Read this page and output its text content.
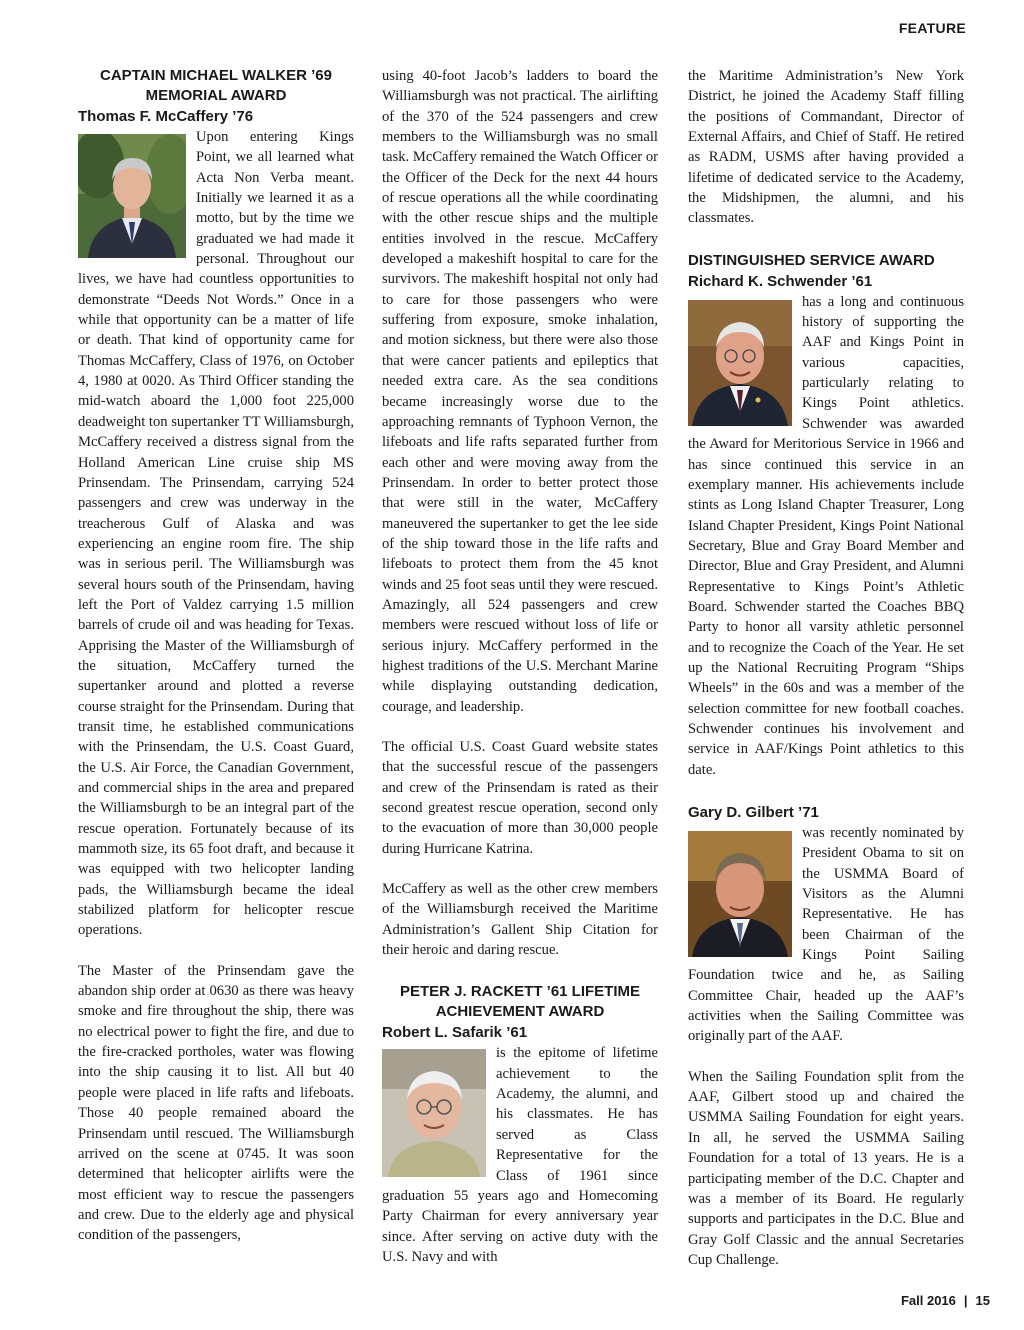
FEATURE
CAPTAIN MICHAEL WALKER ’69
MEMORIAL AWARD
Thomas F. McCaffery ’76

Upon entering Kings Point, we all learned what Acta Non Verba meant. Initially we learned it as a motto, but by the time we graduated we had made it personal. Throughout our lives, we have had countless opportunities to demonstrate “Deeds Not Words.” Once in a while that opportunity can be a matter of life or death. That kind of opportunity came for Thomas McCaffery, Class of 1976, on October 4, 1980 at 0020. As Third Officer standing the mid-watch aboard the 1,000 foot 225,000 deadweight ton supertanker TT Williamsburgh, McCaffery received a distress signal from the Holland American Line cruise ship MS Prinsendam. The Prinsendam, carrying 524 passengers and crew was underway in the treacherous Gulf of Alaska and was experiencing an engine room fire. The ship was in serious peril. The Williamsburgh was several hours south of the Prinsendam, having left the Port of Valdez carrying 1.5 million barrels of crude oil and was heading for Texas. Apprising the Master of the Williamsburgh of the situation, McCaffery turned the supertanker around and plotted a reverse course straight for the Prinsendam. During that transit time, he established communications with the Prinsendam, the U.S. Coast Guard, the U.S. Air Force, the Canadian Government, and commercial ships in the area and prepared the Williamsburgh to be an integral part of the rescue operation. Fortunately because of its mammoth size, its 65 foot draft, and because it was equipped with two helicopter landing pads, the Williamsburgh became the ideal stabilized platform for helicopter rescue operations.

The Master of the Prinsendam gave the abandon ship order at 0630 as there was heavy smoke and fire throughout the ship, there was no electrical power to fight the fire, and due to the fire-cracked portholes, water was flowing into the ship causing it to list. All but 40 people were placed in life rafts and lifeboats. Those 40 people remained aboard the Prinsendam until rescued. The Williamsburgh arrived on the scene at 0745. It was soon determined that helicopter airlifts were the most efficient way to rescue the passengers and crew. Due to the elderly age and physical condition of the passengers,

using 40-foot Jacob’s ladders to board the Williamsburgh was not practical. The airlifting of the 370 of the 524 passengers and crew members to the Williamsburgh was no small task. McCaffery remained the Watch Officer or the Officer of the Deck for the next 44 hours of rescue operations all the while coordinating with the other rescue ships and the multiple entities involved in the rescue. McCaffery developed a makeshift hospital to care for the survivors. The makeshift hospital not only had to care for those passengers who were suffering from exposure, smoke inhalation, and motion sickness, but there were also those that were cancer patients and epileptics that needed extra care. As the sea conditions became increasingly worse due to the approaching remnants of Typhoon Vernon, the lifeboats and life rafts separated further from each other and were moving away from the Prinsendam. In order to better protect those that were still in the water, McCaffery maneuvered the supertanker to get the lee side of the ship toward those in the life rafts and lifeboats to protect them from the 45 knot winds and 25 foot seas until they were rescued. Amazingly, all 524 passengers and crew members were rescued without loss of life or serious injury. McCaffery performed in the highest traditions of the U.S. Merchant Marine while displaying outstanding dedication, courage, and leadership.

The official U.S. Coast Guard website states that the successful rescue of the passengers and crew of the Prinsendam is rated as their second greatest rescue operation, second only to the evacuation of more than 30,000 people during Hurricane Katrina.

McCaffery as well as the other crew members of the Williamsburgh received the Maritime Administration’s Gallent Ship Citation for their heroic and daring rescue.

PETER J. RACKETT ’61 LIFETIME
ACHIEVEMENT AWARD
Robert L. Safarik ’61

is the epitome of lifetime achievement to the Academy, the alumni, and his classmates. He has served as Class Representative for the Class of 1961 since graduation 55 years ago and Homecoming Party Chairman for every anniversary year since. After serving on active duty with the U.S. Navy and with

the Maritime Administration’s New York District, he joined the Academy Staff filling the positions of Commandant, Director of External Affairs, and Chief of Staff. He retired as RADM, USMS after having provided a lifetime of dedicated service to the Academy, the Midshipmen, the alumni, and his classmates.

DISTINGUISHED SERVICE AWARD
Richard K. Schwender ’61

has a long and continuous history of supporting the AAF and Kings Point in various capacities, particularly relating to Kings Point athletics. Schwender was awarded the Award for Meritorious Service in 1966 and has since continued this service in an exemplary manner. His achievements include stints as Long Island Chapter Treasurer, Long Island Chapter President, Kings Point National Secretary, Blue and Gray Board Member and Director, Blue and Gray President, and Alumni Representative to Kings Point’s Athletic Board. Schwender started the Coaches BBQ Party to honor all varsity athletic personnel and to recognize the Coach of the Year. He set up the National Recruiting Program “Ships Wheels” in the 60s and was a member of the selection committee for new football coaches. Schwender continues his involvement and service in AAF/Kings Point athletics to this date.

Gary D. Gilbert ’71

was recently nominated by President Obama to sit on the USMMA Board of Visitors as the Alumni Representative. He has been Chairman of the Kings Point Sailing Foundation twice and he, as Sailing Committee Chair, headed up the AAF’s activities when the Sailing Committee was originally part of the AAF.

When the Sailing Foundation split from the AAF, Gilbert stood up and chaired the USMMA Sailing Foundation for eight years. In all, he served the USMMA Sailing Foundation for a total of 13 years. He is a participating member of the D.C. Chapter and was a member of its Board. He regularly supports and participates in the D.C. Blue and Gray Golf Classic and the annual Secretaries Cup Challenge.

Fall 2016 | 15
